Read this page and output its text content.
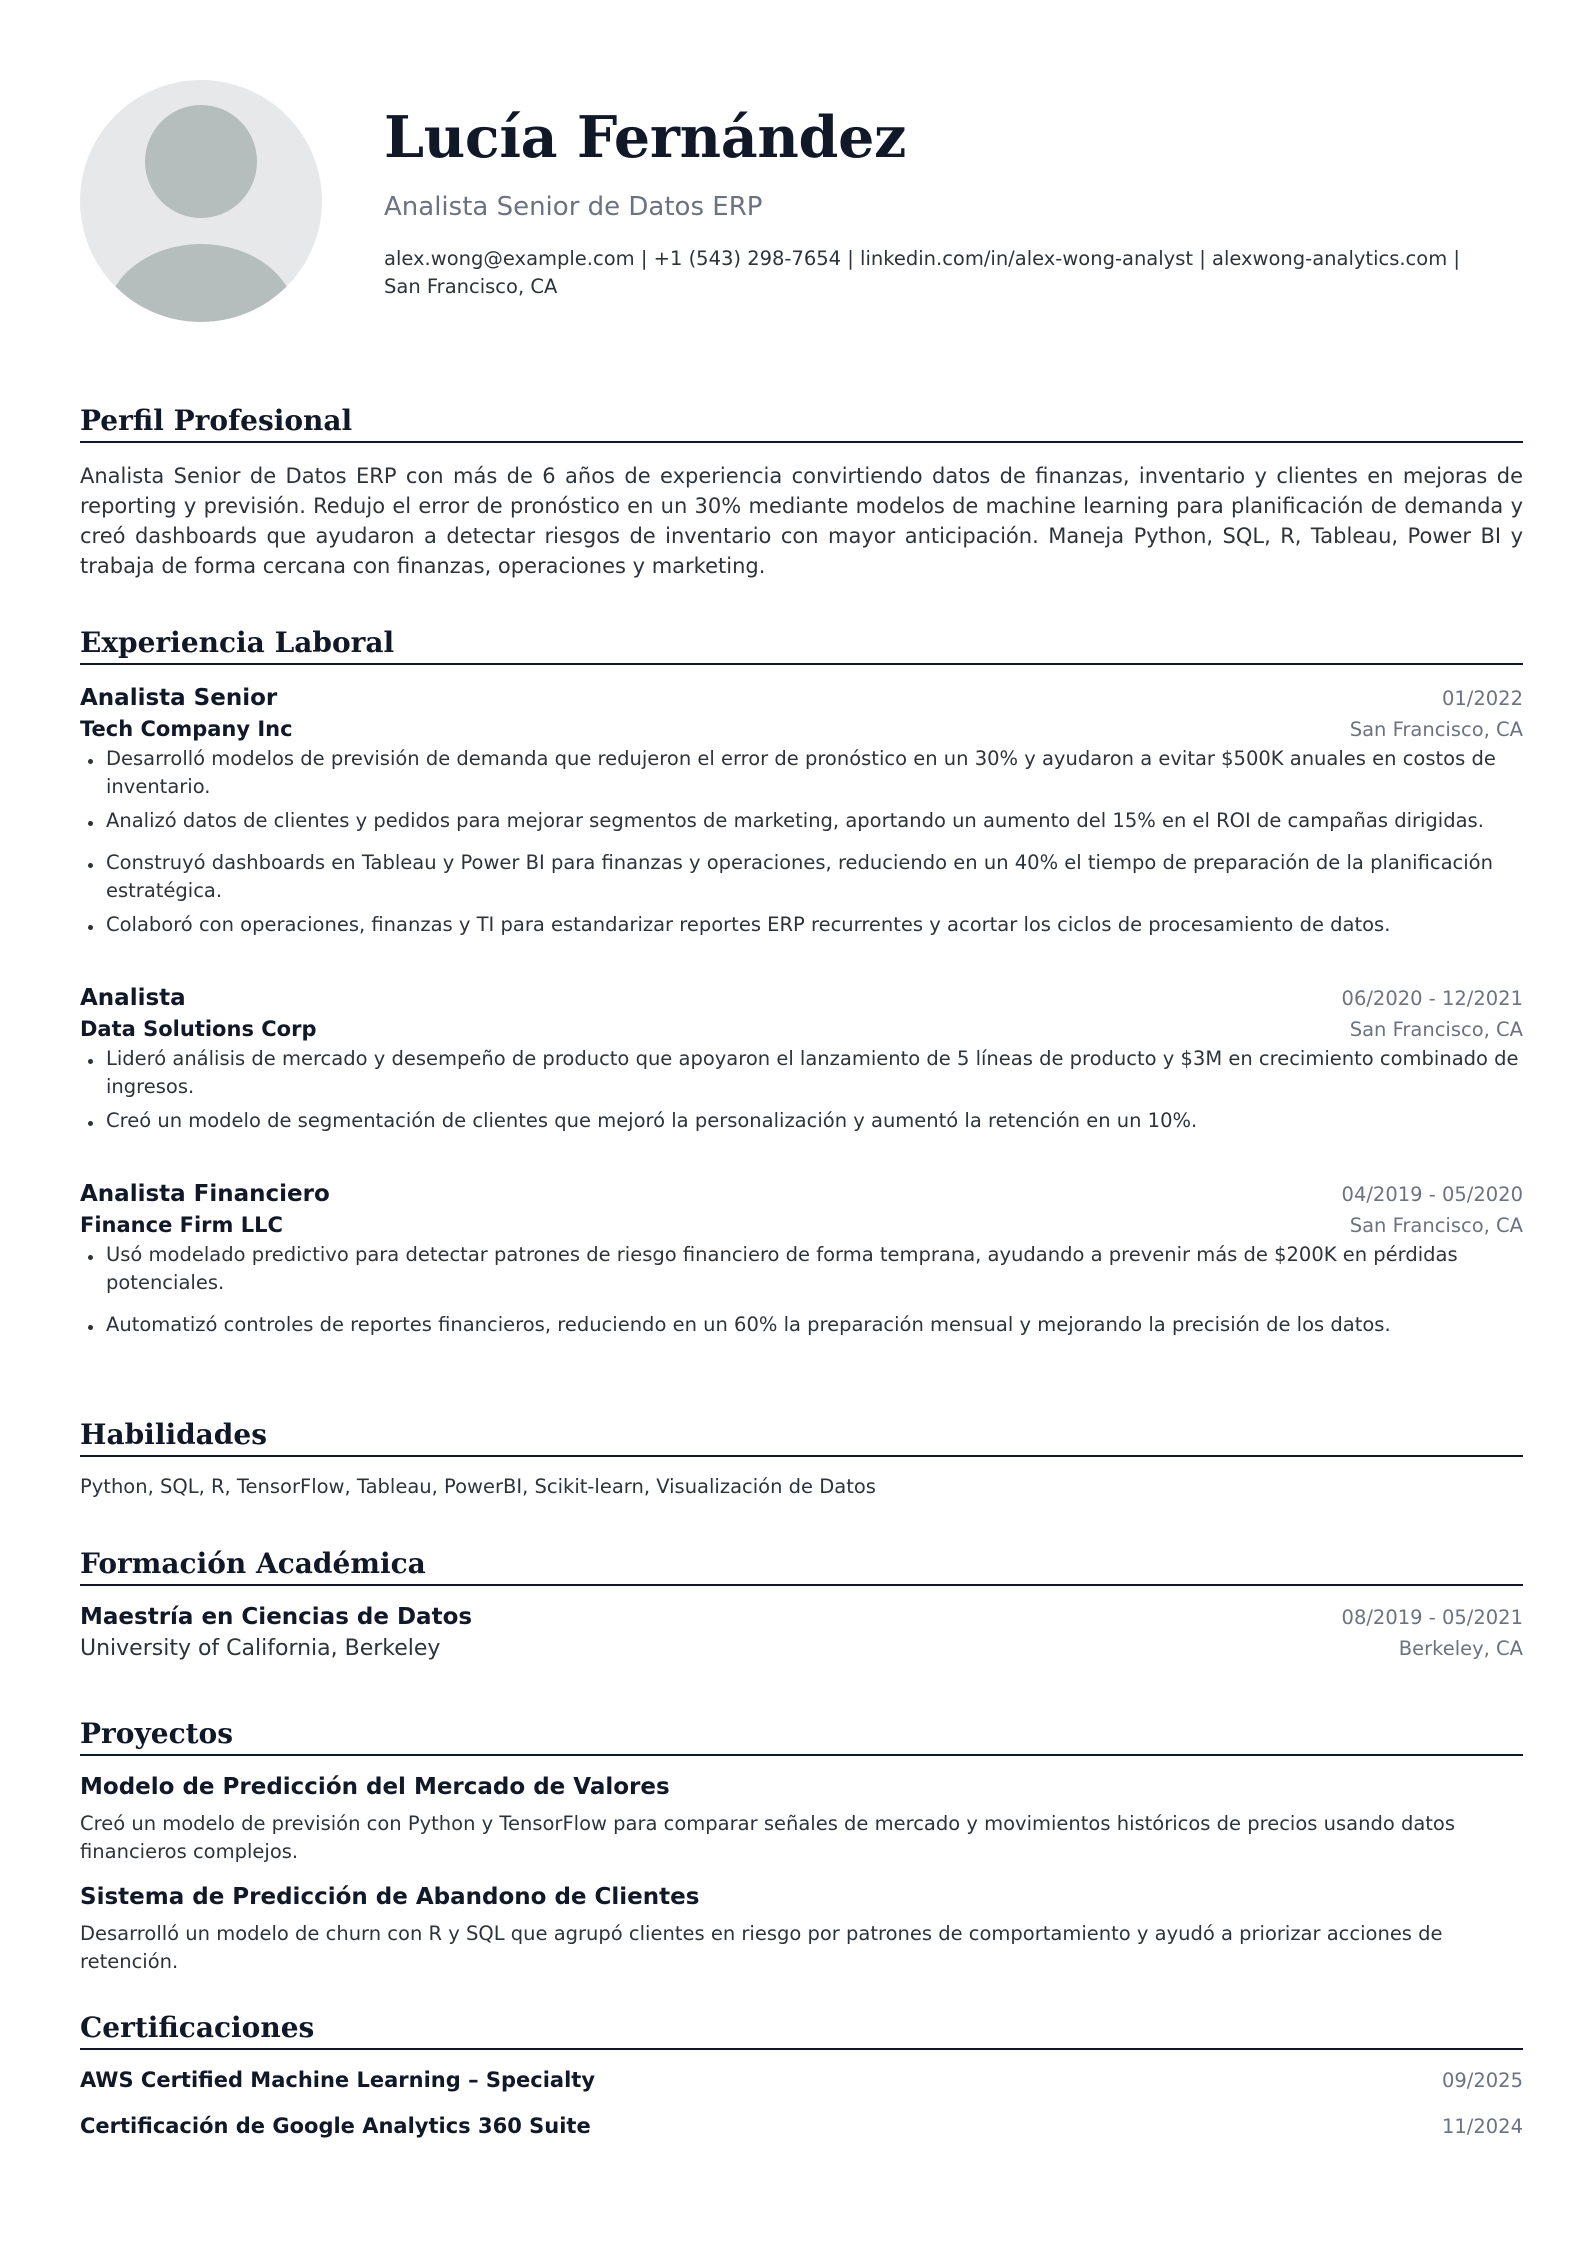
Lucía Fernández
Analista Senior de Datos ERP
alex.wong@example.com | +1 (543) 298-7654 | linkedin.com/in/alex-wong-analyst | alexwong-analytics.com | San Francisco, CA
Perfil Profesional
Analista Senior de Datos ERP con más de 6 años de experiencia convirtiendo datos de finanzas, inventario y clientes en mejoras de reporting y previsión. Redujo el error de pronóstico en un 30% mediante modelos de machine learning para planificación de demanda y creó dashboards que ayudaron a detectar riesgos de inventario con mayor anticipación. Maneja Python, SQL, R, Tableau, Power BI y trabaja de forma cercana con finanzas, operaciones y marketing.
Experiencia Laboral
Analista Senior	01/2022
Tech Company Inc	San Francisco, CA
Desarrolló modelos de previsión de demanda que redujeron el error de pronóstico en un 30% y ayudaron a evitar $500K anuales en costos de inventario.
Analizó datos de clientes y pedidos para mejorar segmentos de marketing, aportando un aumento del 15% en el ROI de campañas dirigidas.
Construyó dashboards en Tableau y Power BI para finanzas y operaciones, reduciendo en un 40% el tiempo de preparación de la planificación estratégica.
Colaboró con operaciones, finanzas y TI para estandarizar reportes ERP recurrentes y acortar los ciclos de procesamiento de datos.
Analista	06/2020 - 12/2021
Data Solutions Corp	San Francisco, CA
Lideró análisis de mercado y desempeño de producto que apoyaron el lanzamiento de 5 líneas de producto y $3M en crecimiento combinado de ingresos.
Creó un modelo de segmentación de clientes que mejoró la personalización y aumentó la retención en un 10%.
Analista Financiero	04/2019 - 05/2020
Finance Firm LLC	San Francisco, CA
Usó modelado predictivo para detectar patrones de riesgo financiero de forma temprana, ayudando a prevenir más de $200K en pérdidas potenciales.
Automatizó controles de reportes financieros, reduciendo en un 60% la preparación mensual y mejorando la precisión de los datos.
Habilidades
Python, SQL, R, TensorFlow, Tableau, PowerBI, Scikit-learn, Visualización de Datos
Formación Académica
Maestría en Ciencias de Datos	08/2019 - 05/2021
University of California, Berkeley	Berkeley, CA
Proyectos
Modelo de Predicción del Mercado de Valores
Creó un modelo de previsión con Python y TensorFlow para comparar señales de mercado y movimientos históricos de precios usando datos financieros complejos.
Sistema de Predicción de Abandono de Clientes
Desarrolló un modelo de churn con R y SQL que agrupó clientes en riesgo por patrones de comportamiento y ayudó a priorizar acciones de retención.
Certificaciones
AWS Certified Machine Learning – Specialty	09/2025
Certificación de Google Analytics 360 Suite	11/2024
